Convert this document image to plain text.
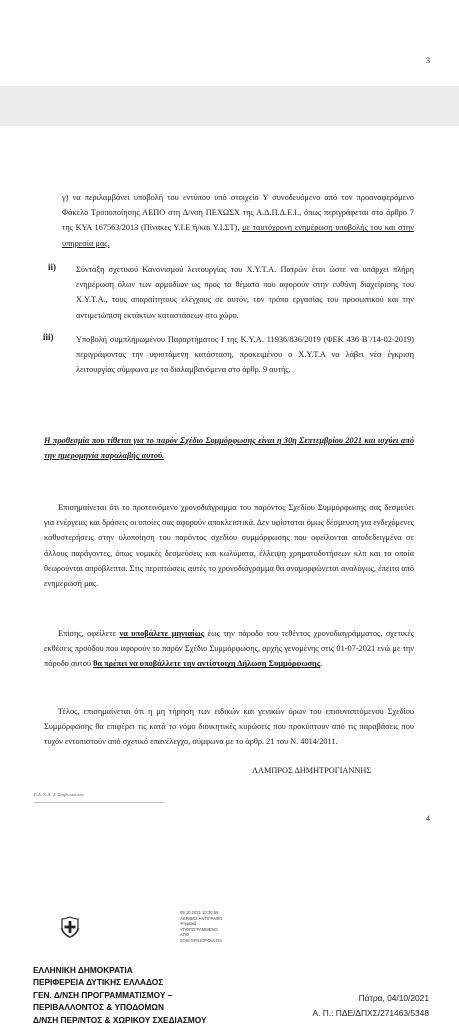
3

γ) να περιλαμβάνει υποβολή του εντύπου υπό στοιχείο Υ συνοδευόμενο από τον προαναφερόμενο Φάκελο Τροποποίησης ΑΕΠΟ στη Δ/νση ΠΕΧΩΣΧ της Α.Δ.Π.Δ.Ε.Ι., όπως περιγράφεται στο άρθρο 7 της ΚΥΑ 167563/2013 (Πίνακες Υ.Ι.Ε ή/και Υ.Ι.ΣΤ), με ταυτόχρονη ενημέρωση υποβολής του και στην υπηρεσία μας.

ii) Σύνταξη σχετικού Κανονισμού λειτουργίας του Χ.Υ.Τ.Α. Πατρών έτσι ώστε να υπάρχει πλήρη ενημέρωση όλων των αρμοδίων ως προς τα θέματα που αφορούν στην ευθύνη διαχείρισης του Χ.Υ.Τ.Α., τους απαραίτητους ελέγχους σε αυτόν, τον τρόπο εργασίας του προσωπικού και την αντιμετώπιση εκτάκτων καταστάσεων στο χώρο.

iii)	Υποβολή συμπληρωμένου Παραρτήματος Ι της Κ.Υ.Α. 11936/836/2019 (ΦΕΚ 436 Β΄/14-02-2019) περιγράφοντας την υφιστάμενη κατάσταση, προκειμένου ο Χ.Υ.Τ.Α να λάβει νέα έγκριση λειτουργίας σύμφωνα με τα διαλαμβανόμενα στο άρθρ. 9 αυτής.

Η προθεσμία που τίθεται για το παρόν Σχέδιο Συμμόρφωσης είναι η 30η Σεπτεμβρίου 2021 και ισχύει από την ημερομηνία παραλαβής αυτού.

Επισημαίνεται ότι το προτεινόμενο χρονοδιάγραμμα του παρόντος Σχεδίου Συμμόρφωσης σας δεσμεύει για ενέργειες και δράσεις οι οποίες σας αφορούν αποκλειστικά. Δεν υφίσταται όμως δέσμευση για ενδεχόμενες καθυστερήσεις στην υλοποίηση του παρόντος σχεδίου συμμόρφωσης που οφείλονται αποδεδειγμένα σε άλλους παράγοντες, όπως νομικές δεσμεύσεις και κωλύματα, έλλειψη χρηματοδοτήσεων κλπ και τα οποία θεωρούνται απρόβλεπτα. Στις περιπτώσεις αυτές το χρονοδιάγραμμα θα αναμορφώνεται αναλόγως, έπειτα από ενημέρωσή μας.

Επίσης, οφείλετε να υποβάλετε μηνιαίως έως την πάροδο του τεθέντος χρονοδιαγράμματος, σχετικές εκθέσεις προόδου που αφορούν το παρόν Σχέδιο Συμμόρφωσης, αρχής γενομένης στις 01-07-2021 ενώ με την πάροδο αυτού θα πρέπει να υποβάλλετε την αντίστοιχη Δήλωση Συμμόρφωσης.

Τέλος, επισημαίνεται ότι η μη τήρηση των ειδικών και γενικών όρων του επισυναπτόμενου Σχεδίου Συμμόρφωσης θα επιφέρει τις κατά το νόμο διοικητικές κυρώσεις που προκύπτουν από τις παραβάσεις που τυχόν εντοπιστούν από σχετικό επανέλεγχο, σύμφωνα με το άρθρ. 21 του Ν. 4014/2011.

ΛΑΜΠΡΟΣ ΔΗΜΗΤΡΟΓΙΑΝΝΗΣ
Ε.Δ. Χ.Α. Ζ. Σπηλιόπουλος
4
05.10.2021 10:30:58
ΑΚΡΙΒΕΣ ΑΝΤΙΓΡΑΦΟ
Ψηφιακά
ΥΠΟΓΕΓΡΑΜΜΕΝΟ
ΑΠΟ
ZOIS SPILIOPOULOS
ΕΛΛΗΝΙΚΗ ΔΗΜΟΚΡΑΤΙΑ
ΠΕΡΙΦΕΡΕΙΑ ΔΥΤΙΚΗΣ ΕΛΛΑΔΟΣ
ΓΕΝ. Δ/ΝΣΗ ΠΡΟΓΡΑΜΜΑΤΙΣΜΟΥ –
ΠΕΡΙΒΑΛΛΟΝΤΟΣ & ΥΠΟΔΟΜΩΝ
Δ/ΝΣΗ ΠΕΡ/ΝΤΟΣ & ΧΩΡΙΚΟΥ ΣΧΕΔΙΑΣΜΟΥ
Πάτρα, 04/10/2021
Α. Π.: ΠΔΕ/ΔΠΧΣ/271463/5348
